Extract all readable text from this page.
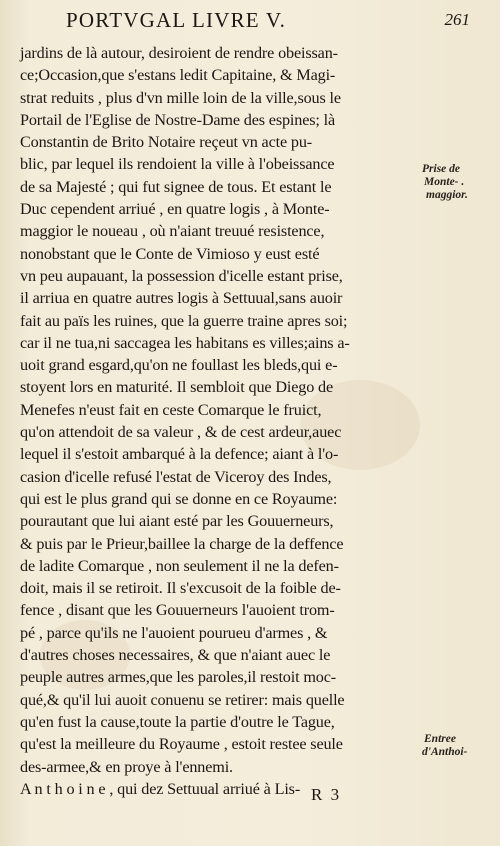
PORTVGAL LIVRE V.	261
jardins de là autour, desiroient de rendre obeissan-
ce;Occasion,que s'estans ledit Capitaine, & Magi-
strat reduits , plus d'vn mille loin de la ville,sous le
Portail de l'Eglise de Nostre-Dame des espines; là
Constantin de Brito Notaire reçeut vn acte pu-
blic, par lequel ils rendoient la ville à l'obeissance
de sa Majesté ; qui fut signee de tous. Et estant le
Duc cependent arriué , en quatre logis , à Monte-
maggior le noueau , où n'aiant treuué resistence,
nonobstant que le Conte de Vimioso y eust esté
vn peu aupauant, la possession d'icelle estant prise,
il arriua en quatre autres logis à Settuual,sans auoir
fait au païs les ruines, que la guerre traine apres soi;
car il ne tua,ni saccagea les habitans es villes;ains a-
uoit grand esgard,qu'on ne foullast les bleds,qui e-
stoyent lors en maturité. Il sembloit que Diego de
Menefes n'eust fait en ceste Comarque le fruict,
qu'on attendoit de sa valeur , & de cest ardeur,auec
lequel il s'estoit ambarqué à la defence; aiant à l'o-
casion d'icelle refusé l'estat de Viceroy des Indes,
qui est le plus grand qui se donne en ce Royaume:
pourautant que lui aiant esté par les Gouuerneurs,
& puis par le Prieur,baillee la charge de la deffence
de ladite Comarque , non seulement il ne la defen-
doit, mais il se retiroit. Il s'excusoit de la foible de-
fence , disant que les Gouuerneurs l'auoient trom-
pé , parce qu'ils ne l'auoient pourueu d'armes , &
d'autres choses necessaires, & que n'aiant auec le
peuple autres armes,que les paroles,il restoit moc-
qué,& qu'il lui auoit conuenu se retirer: mais quelle
qu'en fust la cause,toute la partie d'outre le Tague,
qu'est la meilleure du Royaume , estoit restee seule
des-armee,& en proye à l'ennemi.
A n t h o i n e , qui dez Settuual arriué à Lis-
Prise de
Monte- .
maggior.
Entree
d'Anthoi-
R 3
